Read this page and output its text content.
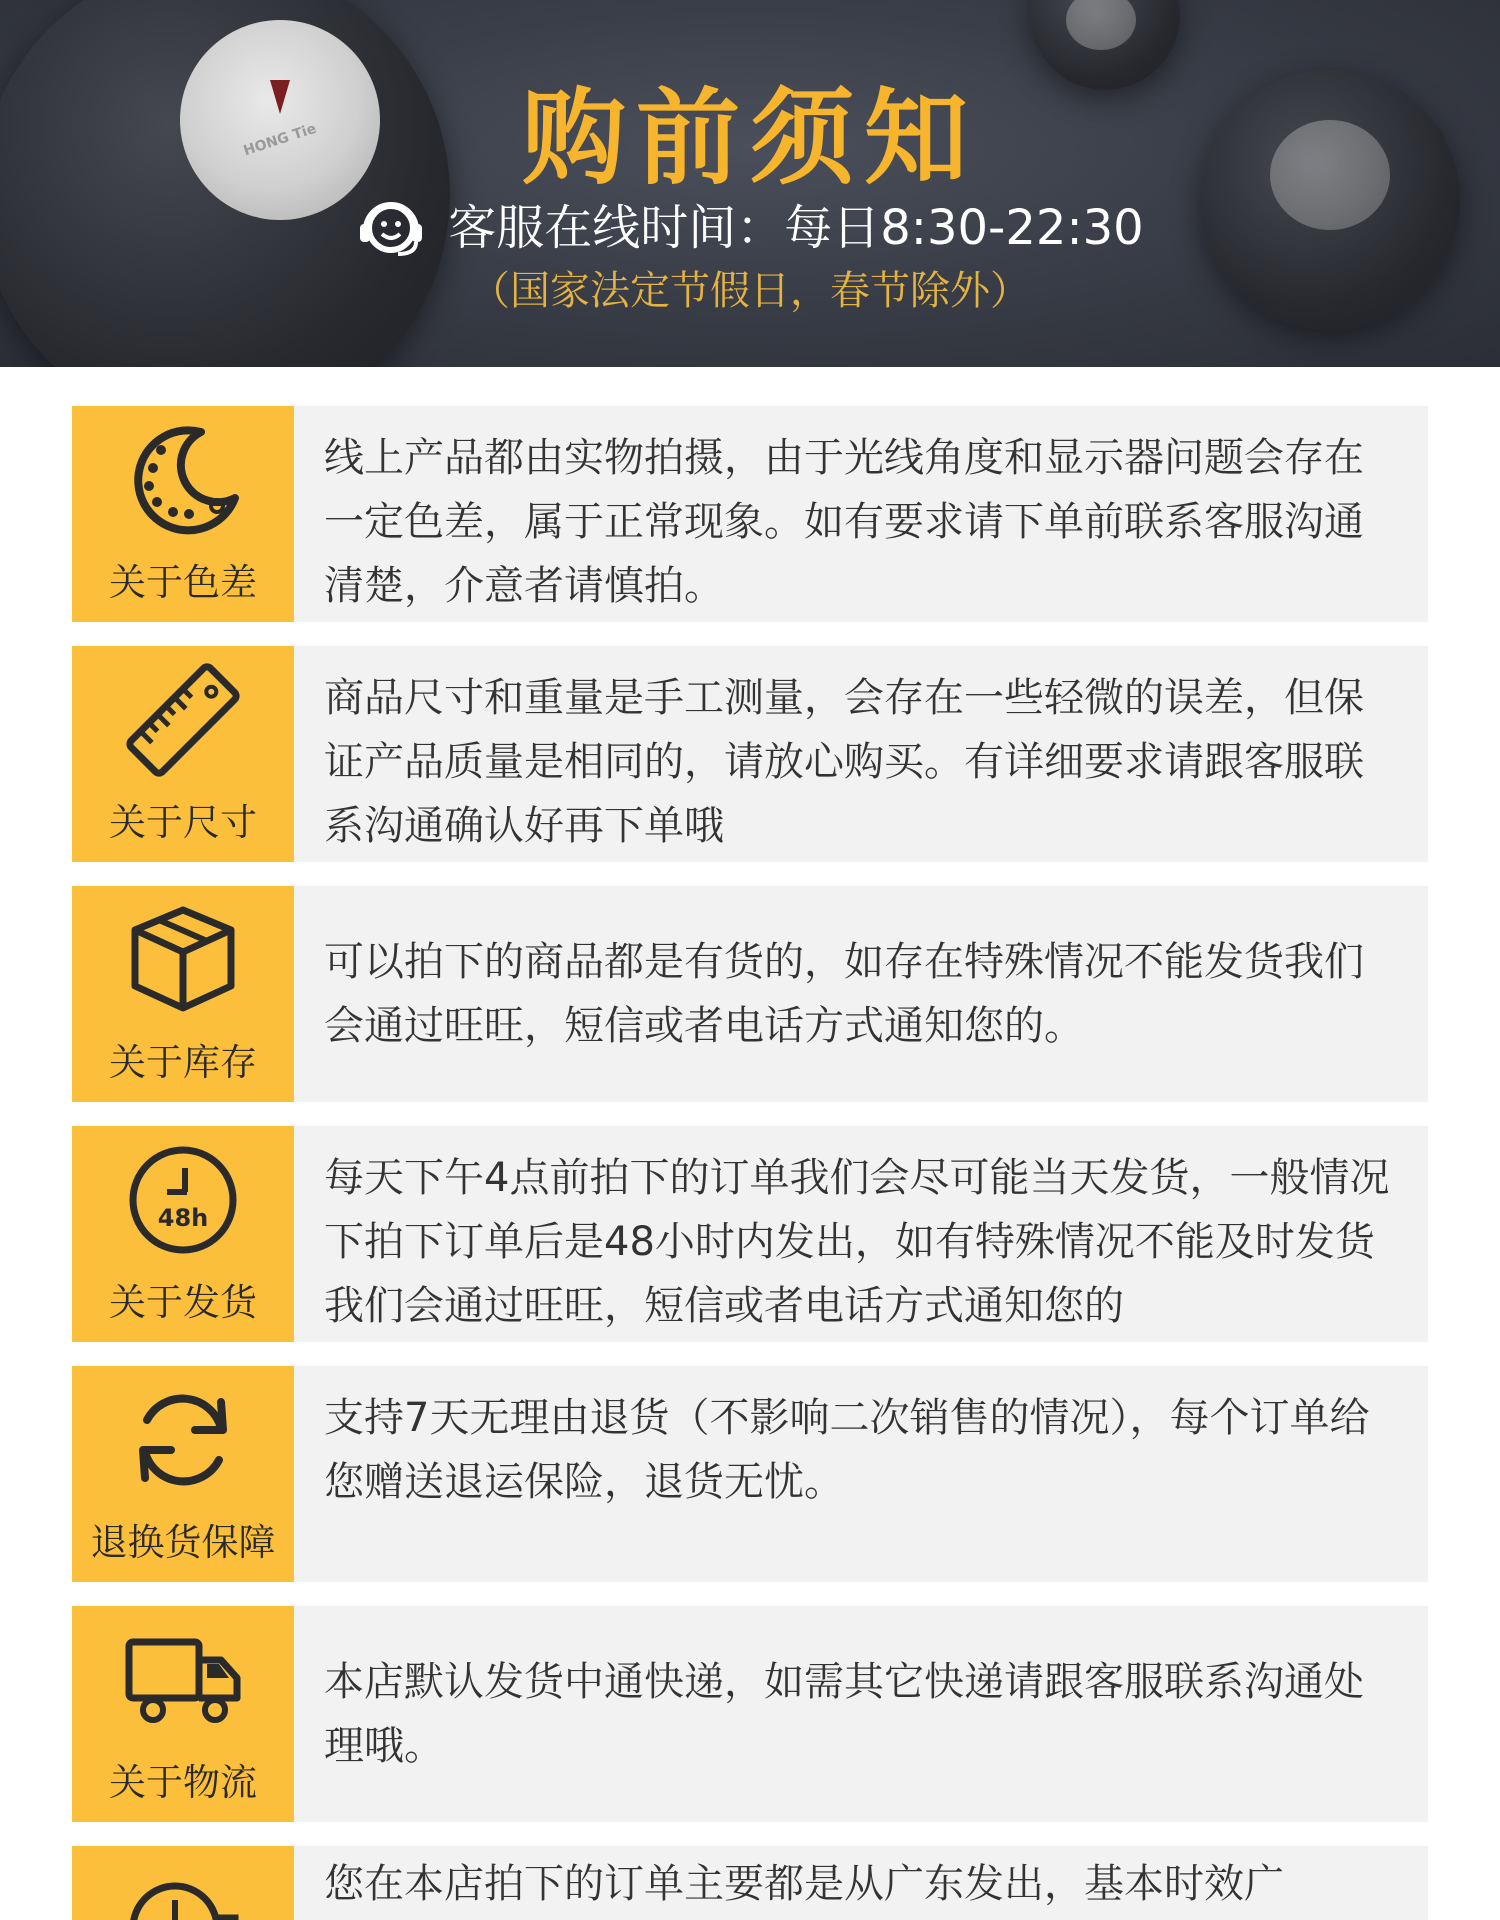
HONG Tie	购前须知
客服在线时间：每日8:30-22:30
（国家法定节假日，春节除外）
关于色差
线上产品都由实物拍摄，由于光线角度和显示器问题会存在一定色差，属于正常现象。如有要求请下单前联系客服沟通清楚，介意者请慎拍。
关于尺寸
商品尺寸和重量是手工测量，会存在一些轻微的误差，但保证产品质量是相同的，请放心购买。有详细要求请跟客服联系沟通确认好再下单哦
关于库存
可以拍下的商品都是有货的，如存在特殊情况不能发货我们会通过旺旺，短信或者电话方式通知您的。
48h
关于发货
每天下午4点前拍下的订单我们会尽可能当天发货，一般情况下拍下订单后是48小时内发出，如有特殊情况不能及时发货我们会通过旺旺，短信或者电话方式通知您的
退换货保障
支持7天无理由退货（不影响二次销售的情况），每个订单给您赠送退运保险，退货无忧。
关于物流
本店默认发货中通快递，如需其它快递请跟客服联系沟通处理哦。
您在本店拍下的订单主要都是从广东发出，基本时效广
